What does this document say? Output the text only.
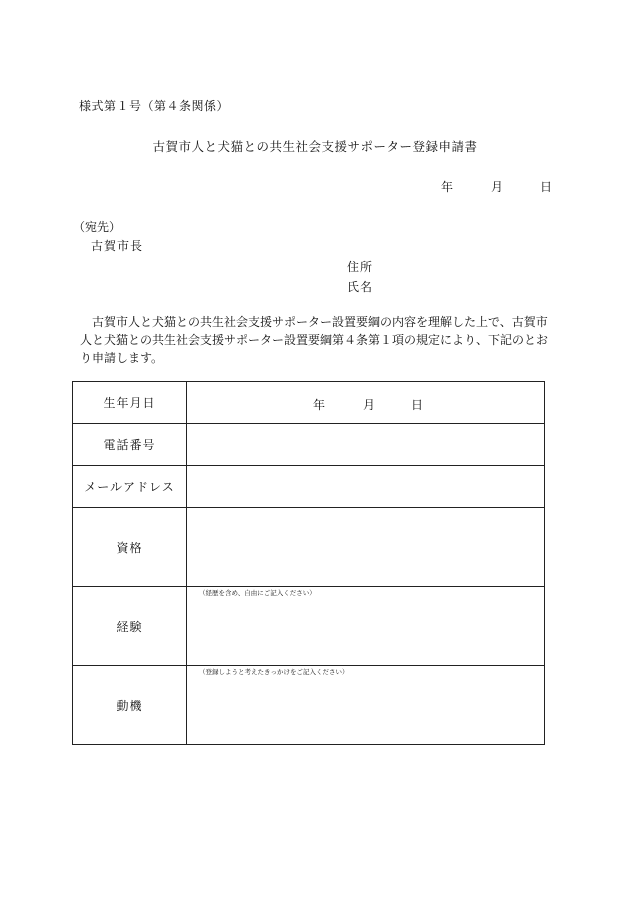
様式第１号（第４条関係）
古賀市人と犬猫との共生社会支援サポーター登録申請書
年	月	日
（宛先）
古賀市長
住所
氏名

古賀市人と犬猫との共生社会支援サポーター設置要綱の内容を理解した上で、古賀市人と犬猫との共生社会支援サポーター設置要綱第４条第１項の規定により、下記のとおり申請します。

生年月日	年 月 日

電話番号	
メールアドレス	
資格	
経験	（経歴を含め、自由にご記入ください）

動機	（登録しようと考えたきっかけをご記入ください）
